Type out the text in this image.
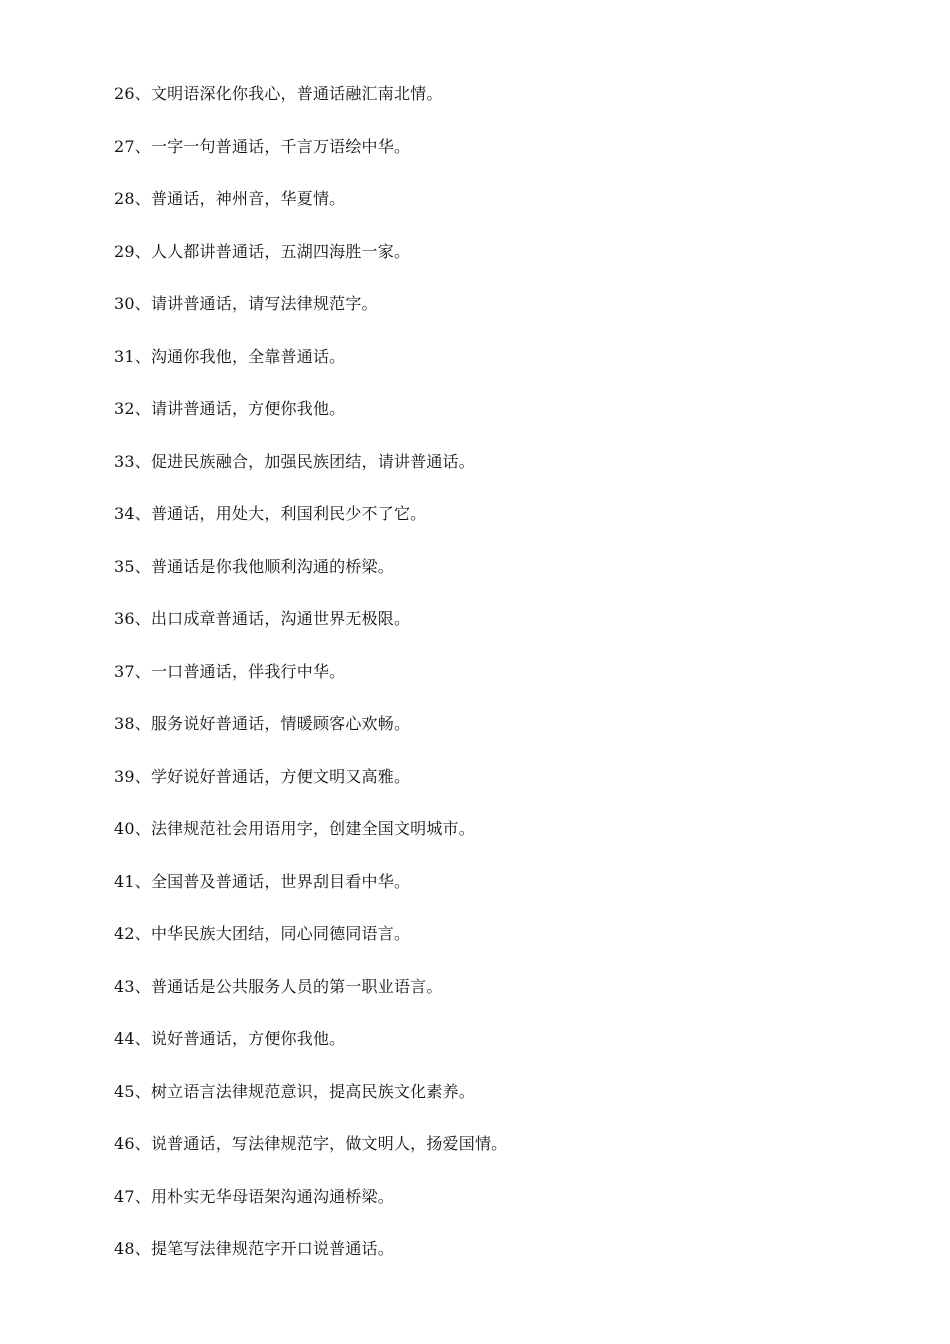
26、文明语深化你我心，普通话融汇南北情。
27、一字一句普通话，千言万语绘中华。
28、普通话，神州音，华夏情。
29、人人都讲普通话，五湖四海胜一家。
30、请讲普通话，请写法律规范字。
31、沟通你我他，全靠普通话。
32、请讲普通话，方便你我他。
33、促进民族融合，加强民族团结，请讲普通话。
34、普通话，用处大，利国利民少不了它。
35、普通话是你我他顺利沟通的桥梁。
36、出口成章普通话，沟通世界无极限。
37、一口普通话，伴我行中华。
38、服务说好普通话，情暖顾客心欢畅。
39、学好说好普通话，方便文明又高雅。
40、法律规范社会用语用字，创建全国文明城市。
41、全国普及普通话，世界刮目看中华。
42、中华民族大团结，同心同德同语言。
43、普通话是公共服务人员的第一职业语言。
44、说好普通话，方便你我他。
45、树立语言法律规范意识，提高民族文化素养。
46、说普通话，写法律规范字，做文明人，扬爱国情。
47、用朴实无华母语架沟通沟通桥梁。
48、提笔写法律规范字开口说普通话。
